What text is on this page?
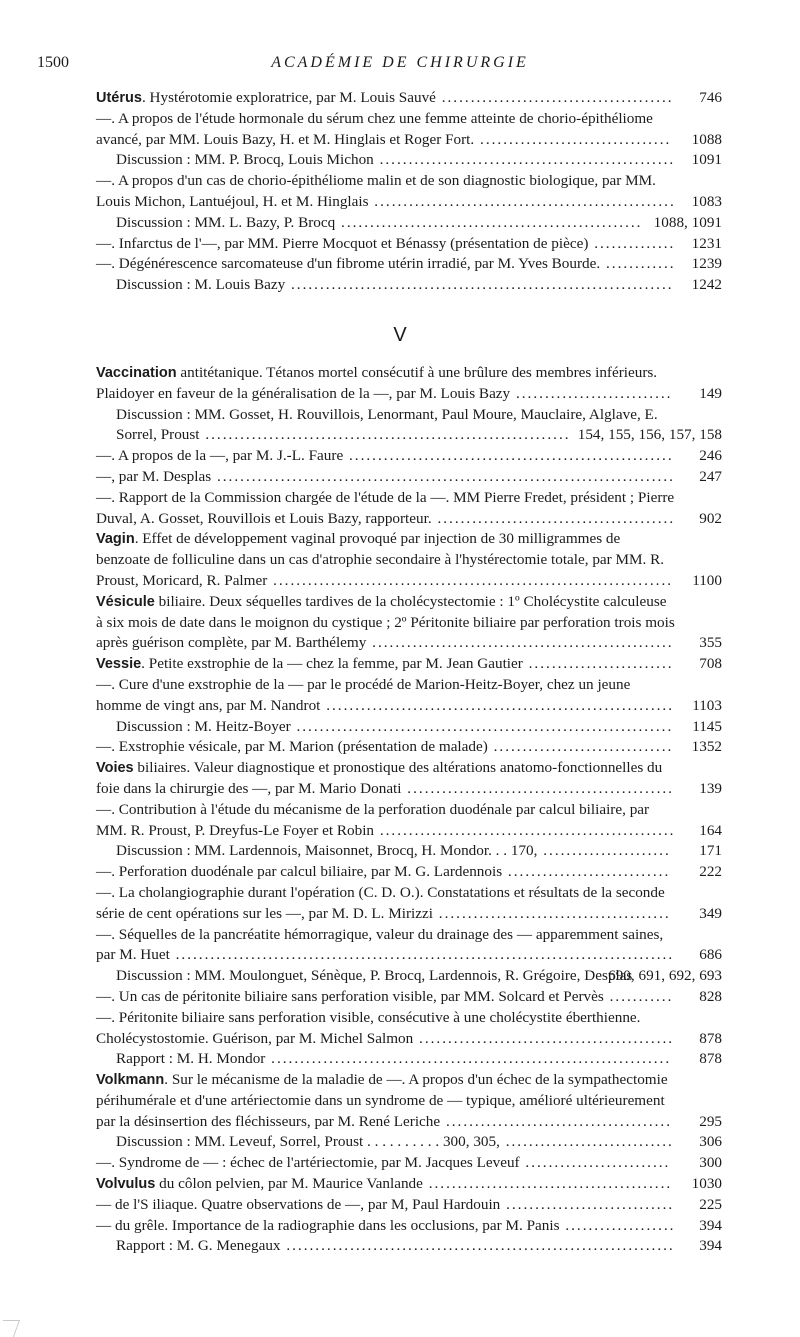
1500	ACADÉMIE DE CHIRURGIE

Utérus. Hystérotomie exploratrice, par M. Louis Sauvé ........................................ 746

—. A propos de l'étude hormonale du sérum chez une femme atteinte de chorio-épithéliome avancé, par MM. Louis Bazy, H. et M. Hinglais et Roger Fort. ................................. 1088

Discussion : MM. P. Brocq, Louis Michon ................................................... 1091

—. A propos d'un cas de chorio-épithéliome malin et de son diagnostic biologique, par MM. Louis Michon, Lantuéjoul, H. et M. Hinglais .................................................... 1083

Discussion : MM. L. Bazy, P. Brocq .................................................... 1088, 1091

—. Infarctus de l'—, par MM. Pierre Mocquot et Bénassy (présentation de pièce) .............. 1231

—. Dégénérescence sarcomateuse d'un fibrome utérin irradié, par M. Yves Bourde. ............ 1239

Discussion : M. Louis Bazy .................................................................. 1242

V

Vaccination antitétanique. Tétanos mortel consécutif à une brûlure des membres inférieurs. Plaidoyer en faveur de la généralisation de la —, par M. Louis Bazy ........................... 149

Discussion : MM. Gosset, H. Rouvillois, Lenormant, Paul Moure, Mauclaire, Alglave, E. Sorrel, Proust ............................................................... 154, 155, 156, 157, 158

—. A propos de la —, par M. J.-L. Faure ........................................................ 246

—, par M. Desplas ............................................................................... 247

—. Rapport de la Commission chargée de l'étude de la —. MM Pierre Fredet, président ; Pierre Duval, A. Gosset, Rouvillois et Louis Bazy, rapporteur. ......................................... 902

Vagin. Effet de développement vaginal provoqué par injection de 30 milligrammes de benzoate de folliculine dans un cas d'atrophie secondaire à l'hystérectomie totale, par MM. R. Proust, Moricard, R. Palmer ..................................................................... 1100

Vésicule biliaire. Deux séquelles tardives de la cholécystectomie : 1º Cholécystite calculeuse à six mois de date dans le moignon du cystique ; 2º Péritonite biliaire par perforation trois mois après guérison complète, par M. Barthélemy .................................................... 355

Vessie. Petite exstrophie de la — chez la femme, par M. Jean Gautier ......................... 708

—. Cure d'une exstrophie de la — par le procédé de Marion-Heitz-Boyer, chez un jeune homme de vingt ans, par M. Nandrot ............................................................ 1103

Discussion : M. Heitz-Boyer ................................................................. 1145

—. Exstrophie vésicale, par M. Marion (présentation de malade) ............................... 1352

Voies biliaires. Valeur diagnostique et pronostique des altérations anatomo-fonctionnelles du foie dans la chirurgie des —, par M. Mario Donati .............................................. 139

—. Contribution à l'étude du mécanisme de la perforation duodénale par calcul biliaire, par MM. R. Proust, P. Dreyfus-Le Foyer et Robin ................................................... 164

Discussion : MM. Lardennois, Maisonnet, Brocq, H. Mondor. . . 170, ...................... 171

—. Perforation duodénale par calcul biliaire, par M. G. Lardennois ............................ 222

—. La cholangiographie durant l'opération (C. D. O.). Constatations et résultats de la seconde série de cent opérations sur les —, par M. D. L. Mirizzi ........................................ 349

—. Séquelles de la pancréatite hémorragique, valeur du drainage des — apparemment saines, par M. Huet ...................................................................................... 686

Discussion : MM. Moulonguet, Sénèque, P. Brocq, Lardennois, R. Grégoire, Desplas
690, 691, 692, 693

—. Un cas de péritonite biliaire sans perforation visible, par MM. Solcard et Pervès ........... 828

—. Péritonite biliaire sans perforation visible, consécutive à une cholécystite éberthienne. Cholécystostomie. Guérison, par M. Michel Salmon ............................................ 878

Rapport : M. H. Mondor ..................................................................... 878

Volkmann. Sur le mécanisme de la maladie de —. A propos d'un échec de la sympathectomie périhumérale et d'une artériectomie dans un syndrome de — typique, amélioré ultérieurement par la désinsertion des fléchisseurs, par M. René Leriche ....................................... 295

Discussion : MM. Leveuf, Sorrel, Proust . . . . . . . . . . 300, 305, ............................. 306

—. Syndrome de — : échec de l'artériectomie, par M. Jacques Leveuf ......................... 300

Volvulus du côlon pelvien, par M. Maurice Vanlande .......................................... 1030

— de l'S iliaque. Quatre observations de —, par M, Paul Hardouin ............................. 225

— du grêle. Importance de la radiographie dans les occlusions, par M. Panis ................... 394

Rapport : M. G. Menegaux ................................................................... 394
